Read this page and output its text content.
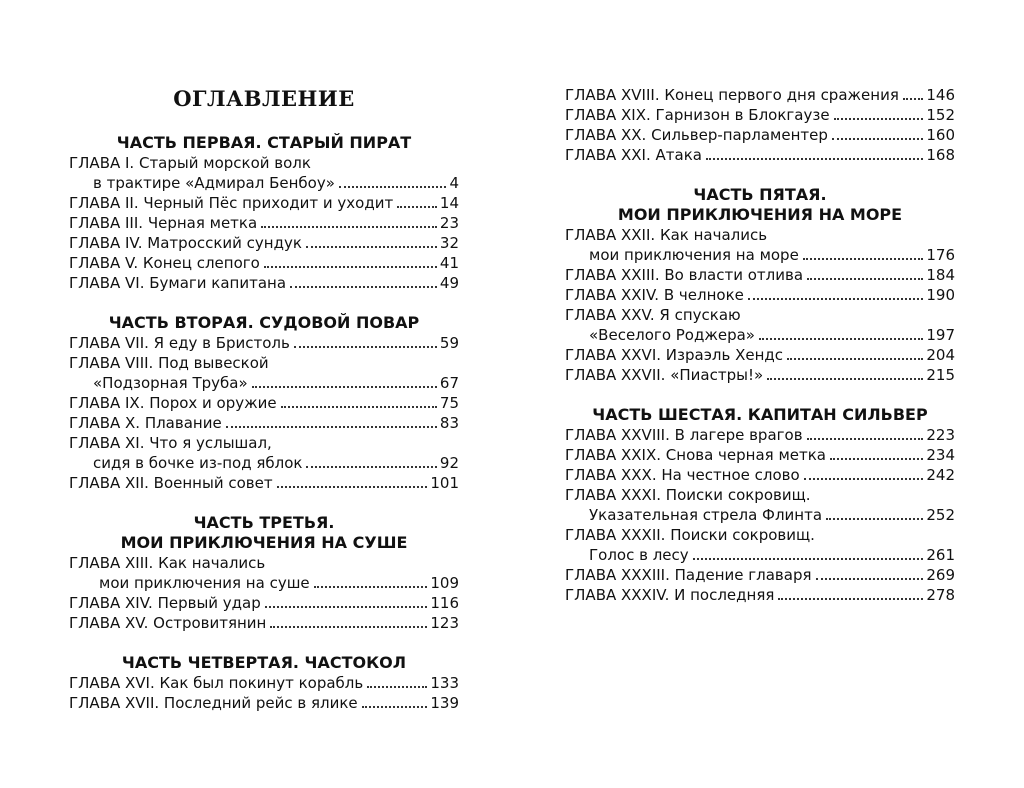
ОГЛАВЛЕНИЕ
ЧАСТЬ ПЕРВАЯ. СТАРЫЙ ПИРАТ
ГЛАВА I. Старый морской волк
в трактире «Адмирал Бенбоу»	4
ГЛАВА II. Черный Пёс приходит и уходит	14
ГЛАВА III. Черная метка	23
ГЛАВА IV. Матросский сундук	32
ГЛАВА V. Конец слепого	41
ГЛАВА VI. Бумаги капитана	49
ЧАСТЬ ВТОРАЯ. СУДОВОЙ ПОВАР
ГЛАВА VII. Я еду в Бристоль	59
ГЛАВА VIII. Под вывеской
«Подзорная Труба»	67
ГЛАВА IX. Порох и оружие	75
ГЛАВА X. Плавание	83
ГЛАВА XI. Что я услышал,
сидя в бочке из-под яблок	92
ГЛАВА XII. Военный совет	101
ЧАСТЬ ТРЕТЬЯ.
МОИ ПРИКЛЮЧЕНИЯ НА СУШЕ
ГЛАВА XIII. Как начались
мои приключения на суше	109
ГЛАВА XIV. Первый удар	116
ГЛАВА XV. Островитянин	123
ЧАСТЬ ЧЕТВЕРТАЯ. ЧАСТОКОЛ
ГЛАВА XVI. Как был покинут корабль	133
ГЛАВА XVII. Последний рейс в ялике	139
ГЛАВА XVIII. Конец первого дня сражения 146
ГЛАВА XIX. Гарнизон в Блокгаузе	152
ГЛАВА XX. Сильвер-парламентер	160
ГЛАВА XXI. Атака	168
ЧАСТЬ ПЯТАЯ.
МОИ ПРИКЛЮЧЕНИЯ НА МОРЕ
ГЛАВА XXII. Как начались
мои приключения на море	176
ГЛАВА XXIII. Во власти отлива	184
ГЛАВА XXIV. В челноке	190
ГЛАВА XXV. Я спускаю
«Веселого Роджера»	197
ГЛАВА XXVI. Израэль Хендс	204
ГЛАВА XXVII. «Пиастры!»	215
ЧАСТЬ ШЕСТАЯ. КАПИТАН СИЛЬВЕР
ГЛАВА XXVIII. В лагере врагов	223
ГЛАВА XXIX. Снова черная метка	234
ГЛАВА XXX. На честное слово	242
ГЛАВА XXXI. Поиски сокровищ.
Указательная стрела Флинта	252
ГЛАВА XXXII. Поиски сокровищ.
Голос в лесу	261
ГЛАВА XXXIII. Падение главаря	269
ГЛАВА XXXIV. И последняя	278
